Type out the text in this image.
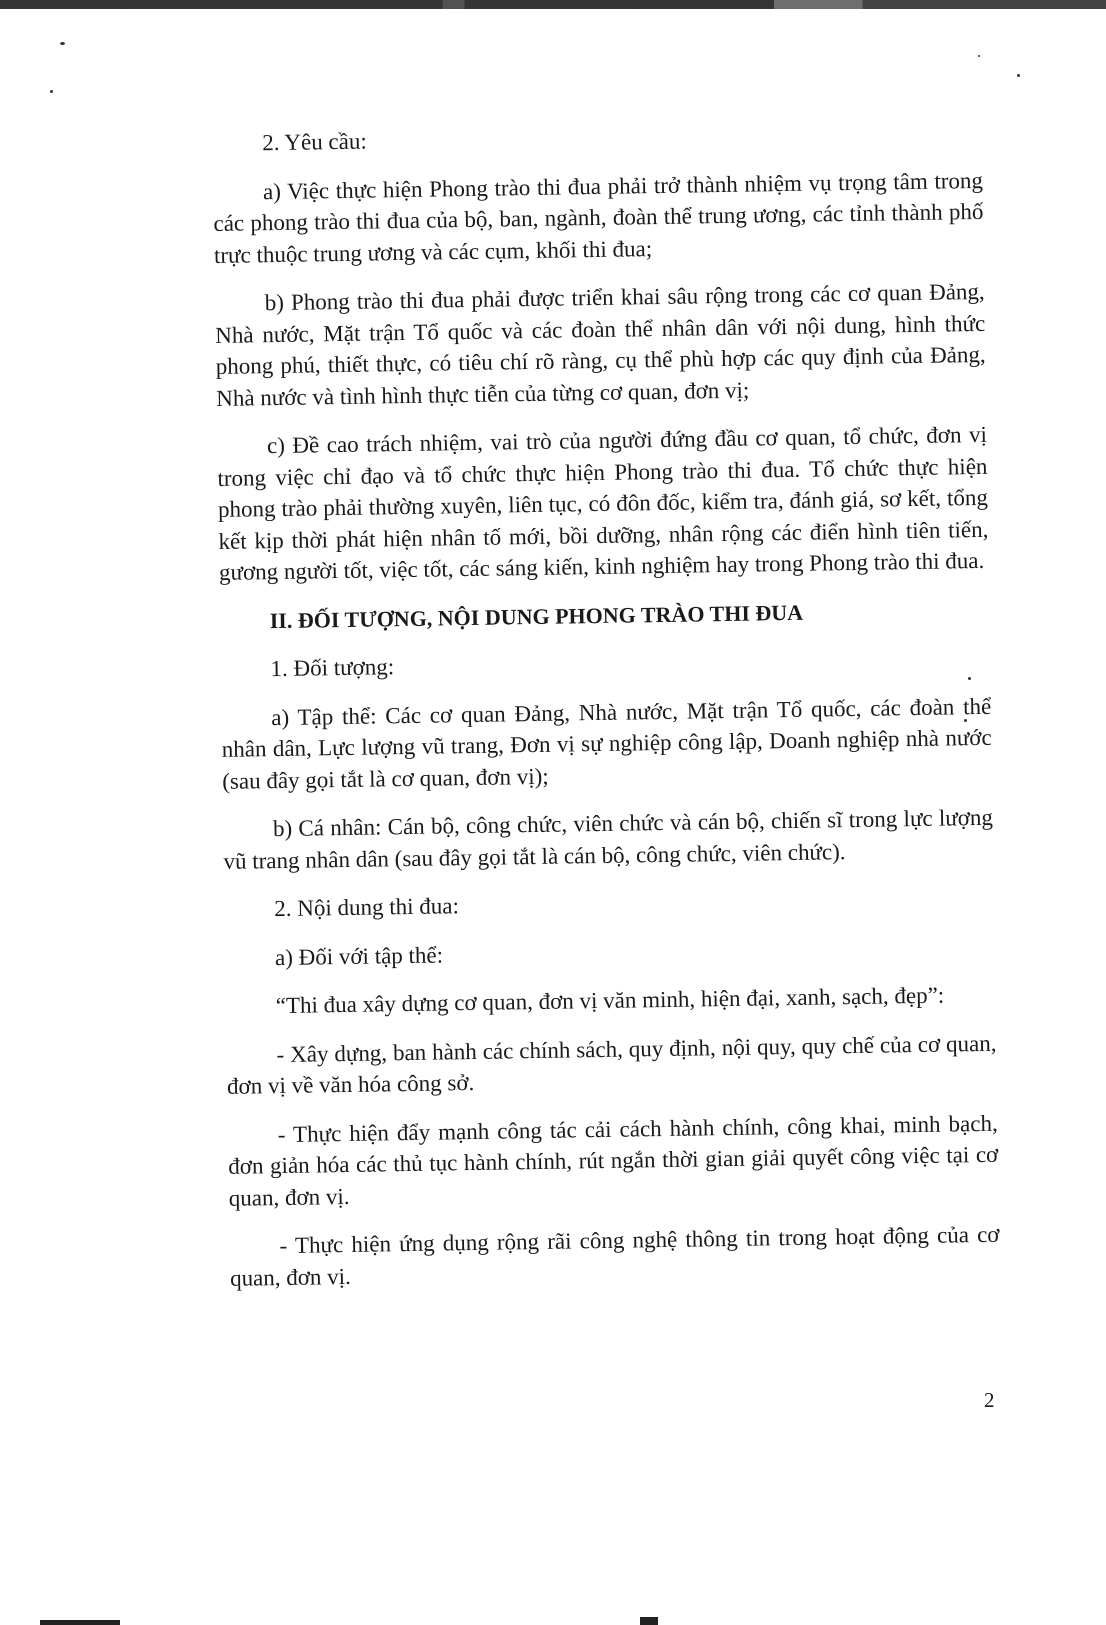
2. Yêu cầu:

a) Việc thực hiện Phong trào thi đua phải trở thành nhiệm vụ trọng tâm trong các phong trào thi đua của bộ, ban, ngành, đoàn thể trung ương, các tỉnh thành phố trực thuộc trung ương và các cụm, khối thi đua;

b) Phong trào thi đua phải được triển khai sâu rộng trong các cơ quan Đảng, Nhà nước, Mặt trận Tổ quốc và các đoàn thể nhân dân với nội dung, hình thức phong phú, thiết thực, có tiêu chí rõ ràng, cụ thể phù hợp các quy định của Đảng, Nhà nước và tình hình thực tiễn của từng cơ quan, đơn vị;

c) Đề cao trách nhiệm, vai trò của người đứng đầu cơ quan, tổ chức, đơn vị trong việc chỉ đạo và tổ chức thực hiện Phong trào thi đua. Tổ chức thực hiện phong trào phải thường xuyên, liên tục, có đôn đốc, kiểm tra, đánh giá, sơ kết, tổng kết kịp thời phát hiện nhân tố mới, bồi dưỡng, nhân rộng các điển hình tiên tiến, gương người tốt, việc tốt, các sáng kiến, kinh nghiệm hay trong Phong trào thi đua.

II. ĐỐI TƯỢNG, NỘI DUNG PHONG TRÀO THI ĐUA

1. Đối tượng:

a) Tập thể: Các cơ quan Đảng, Nhà nước, Mặt trận Tổ quốc, các đoàn thể nhân dân, Lực lượng vũ trang, Đơn vị sự nghiệp công lập, Doanh nghiệp nhà nước (sau đây gọi tắt là cơ quan, đơn vị);

b) Cá nhân: Cán bộ, công chức, viên chức và cán bộ, chiến sĩ trong lực lượng vũ trang nhân dân (sau đây gọi tắt là cán bộ, công chức, viên chức).

2. Nội dung thi đua:

a) Đối với tập thể:

“Thi đua xây dựng cơ quan, đơn vị văn minh, hiện đại, xanh, sạch, đẹp”:

- Xây dựng, ban hành các chính sách, quy định, nội quy, quy chế của cơ quan, đơn vị về văn hóa công sở.

- Thực hiện đẩy mạnh công tác cải cách hành chính, công khai, minh bạch, đơn giản hóa các thủ tục hành chính, rút ngắn thời gian giải quyết công việc tại cơ quan, đơn vị.

- Thực hiện ứng dụng rộng rãi công nghệ thông tin trong hoạt động của cơ quan, đơn vị.

2
